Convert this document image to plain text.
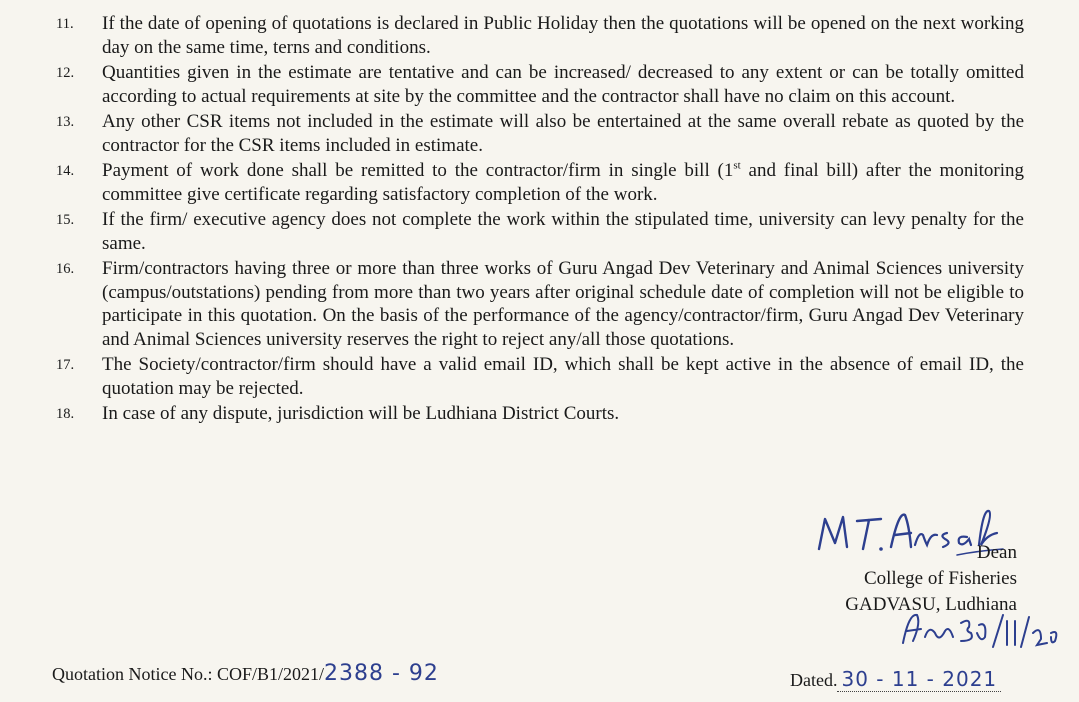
11.	If the date of opening of quotations is declared in Public Holiday then the quotations will be opened on the next working day on the same time, terns and conditions.
12.	Quantities given in the estimate are tentative and can be increased/ decreased to any extent or can be totally omitted according to actual requirements at site by the committee and the contractor shall have no claim on this account.
13.	Any other CSR items not included in the estimate will also be entertained at the same overall rebate as quoted by the contractor for the CSR items included in estimate.
14.	Payment of work done shall be remitted to the contractor/firm in single bill (1st and final bill) after the monitoring committee give certificate regarding satisfactory completion of the work.
15.	If the firm/ executive agency does not complete the work within the stipulated time, university can levy penalty for the same.
16.	Firm/contractors having three or more than three works of Guru Angad Dev Veterinary and Animal Sciences university (campus/outstations) pending from more than two years after original schedule date of completion will not be eligible to participate in this quotation. On the basis of the performance of the agency/contractor/firm, Guru Angad Dev Veterinary and Animal Sciences university reserves the right to reject any/all those quotations.
17.	The Society/contractor/firm should have a valid email ID, which shall be kept active in the absence of email ID, the quotation may be rejected.
18.	In case of any dispute, jurisdiction will be Ludhiana District Courts.
Dean
College of Fisheries
GADVASU, Ludhiana
Quotation Notice No.: COF/B1/2021/2388 - 92	Dated. 30 - 11 - 2021
